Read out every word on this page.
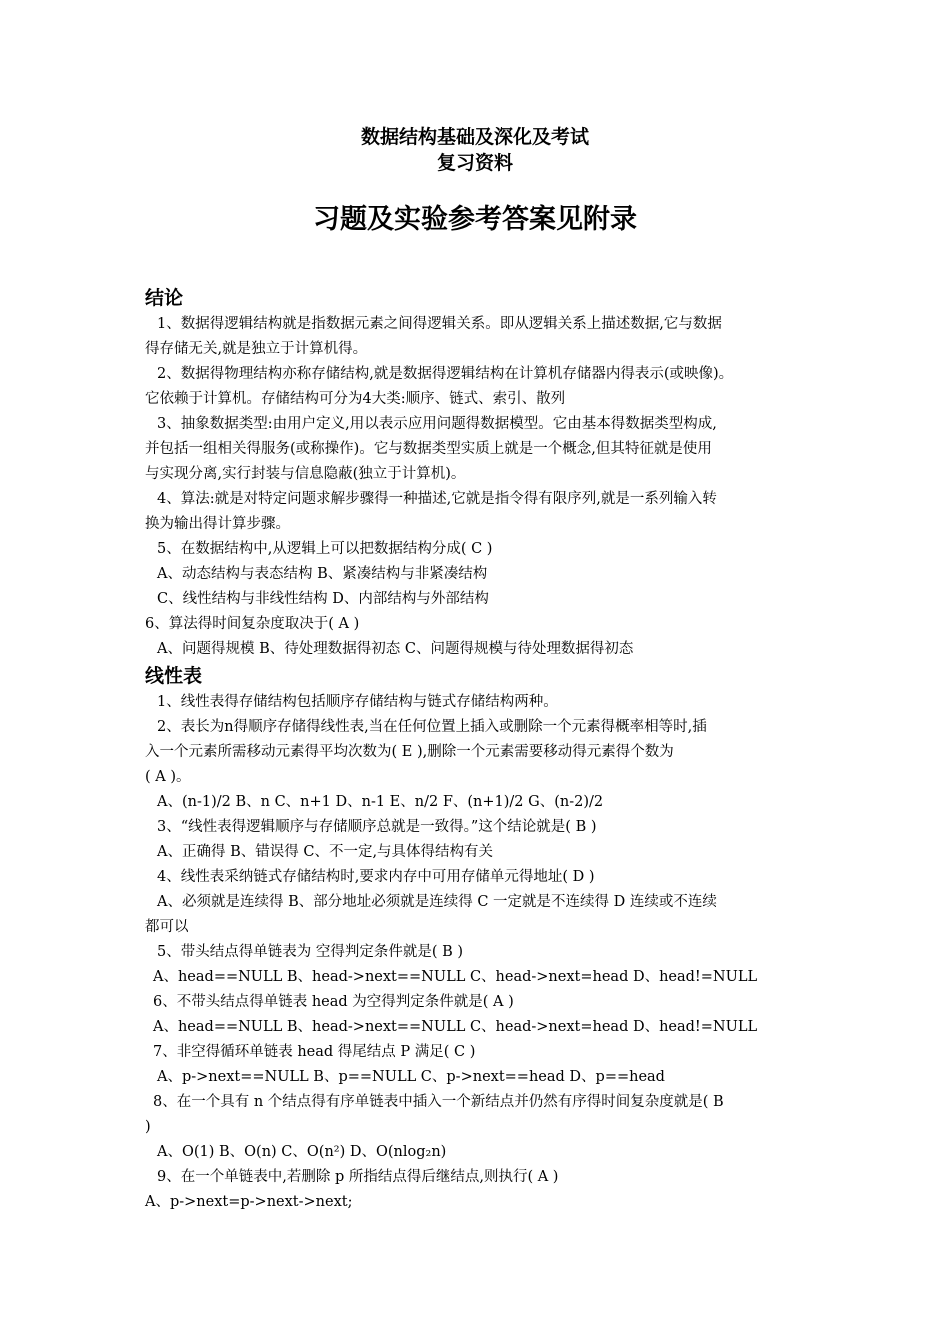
数据结构基础及深化及考试
复习资料
习题及实验参考答案见附录
结论
1、数据得逻辑结构就是指数据元素之间得逻辑关系。即从逻辑关系上描述数据,它与数据
得存储无关,就是独立于计算机得。
2、数据得物理结构亦称存储结构,就是数据得逻辑结构在计算机存储器内得表示(或映像)。
它依赖于计算机。存储结构可分为4大类:顺序、链式、索引、散列
3、抽象数据类型:由用户定义,用以表示应用问题得数据模型。它由基本得数据类型构成,
并包括一组相关得服务(或称操作)。它与数据类型实质上就是一个概念,但其特征就是使用
与实现分离,实行封装与信息隐蔽(独立于计算机)。
4、算法:就是对特定问题求解步骤得一种描述,它就是指令得有限序列,就是一系列输入转
换为输出得计算步骤。
5、在数据结构中,从逻辑上可以把数据结构分成( C )
A、动态结构与表态结构 B、紧凑结构与非紧凑结构
C、线性结构与非线性结构 D、内部结构与外部结构
6、算法得时间复杂度取决于( A )
A、问题得规模 B、待处理数据得初态 C、问题得规模与待处理数据得初态
线性表
1、线性表得存储结构包括顺序存储结构与链式存储结构两种。
2、表长为n得顺序存储得线性表,当在任何位置上插入或删除一个元素得概率相等时,插
入一个元素所需移动元素得平均次数为( E ),删除一个元素需要移动得元素得个数为
( A )。
A、(n-1)/2 B、n C、n+1 D、n-1 E、n/2 F、(n+1)/2 G、(n-2)/2
3、“线性表得逻辑顺序与存储顺序总就是一致得。”这个结论就是( B )
A、正确得 B、错误得 C、不一定,与具体得结构有关
4、线性表采纳链式存储结构时,要求内存中可用存储单元得地址( D )
A、必须就是连续得 B、部分地址必须就是连续得 C 一定就是不连续得 D 连续或不连续
都可以
5、带头结点得单链表为 空得判定条件就是( B )
A、head==NULL B、head->next==NULL C、head->next=head D、head!=NULL
6、不带头结点得单链表 head 为空得判定条件就是( A )
A、head==NULL B、head->next==NULL C、head->next=head D、head!=NULL
7、非空得循环单链表 head 得尾结点 P 满足( C )
A、p->next==NULL B、p==NULL C、p->next==head D、p==head
8、在一个具有 n 个结点得有序单链表中插入一个新结点并仍然有序得时间复杂度就是( B
)
A、O(1) B、O(n) C、O(n²) D、O(nlog₂n)
9、在一个单链表中,若删除 p 所指结点得后继结点,则执行( A )
A、p->next=p->next->next;
